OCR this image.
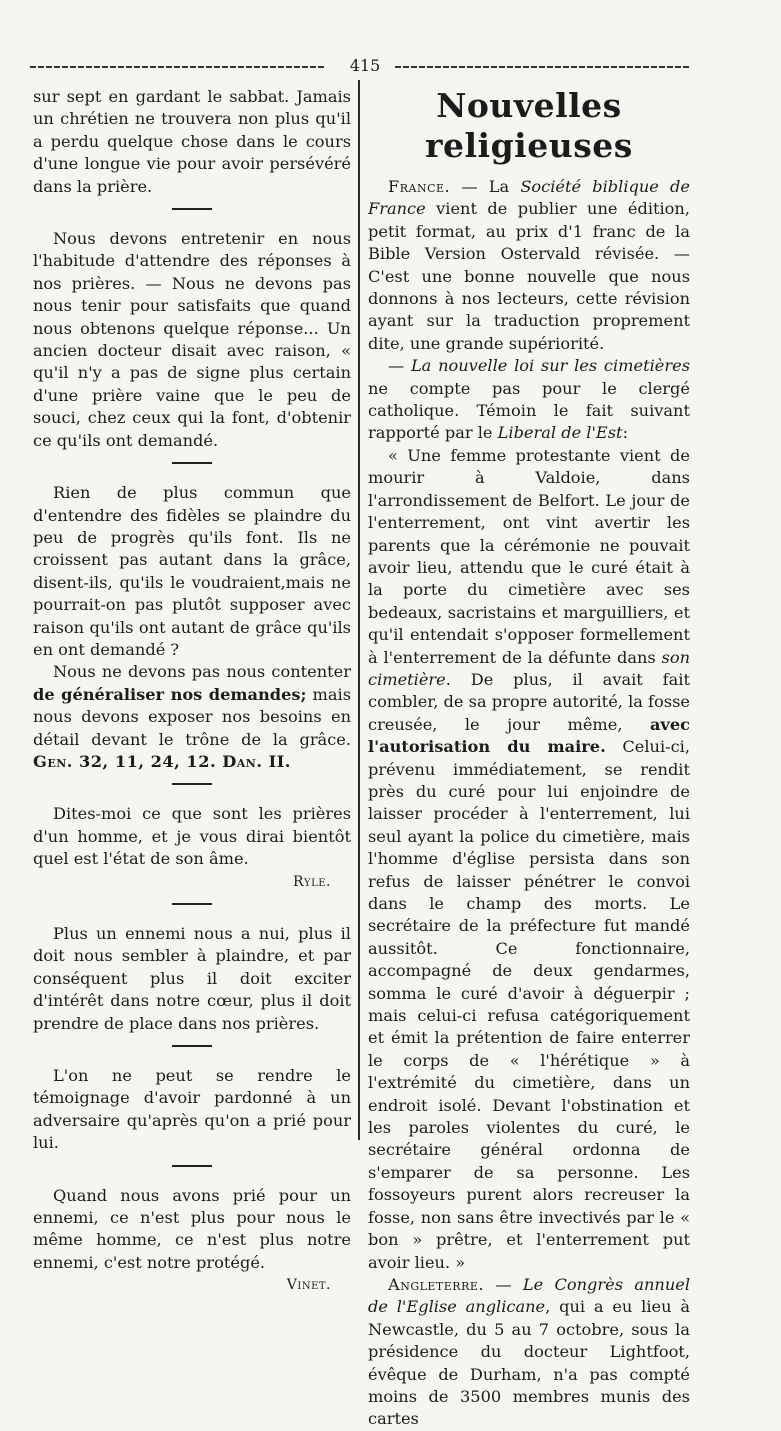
415

sur sept en gardant le sabbat. Jamais un chrétien ne trouvera non plus qu'il a perdu quelque chose dans le cours d'une longue vie pour avoir persévéré dans la prière.

Nous devons entretenir en nous l'habitude d'attendre des réponses à nos prières. — Nous ne devons pas nous tenir pour satisfaits que quand nous obtenons quelque réponse... Un ancien docteur disait avec raison, « qu'il n'y a pas de signe plus certain d'une prière vaine que le peu de souci, chez ceux qui la font, d'obtenir ce qu'ils ont demandé.

Rien de plus commun que d'entendre des fidèles se plaindre du peu de progrès qu'ils font. Ils ne croissent pas autant dans la grâce, disent-ils, qu'ils le voudraient,mais ne pourrait-on pas plutôt supposer avec raison qu'ils ont autant de grâce qu'ils en ont demandé ?

Nous ne devons pas nous contenter de généraliser nos demandes; mais nous devons exposer nos besoins en détail devant le trône de la grâce. Gen. 32, 11, 24, 12. Dan. II.

Dites-moi ce que sont les prières d'un homme, et je vous dirai bientôt quel est l'état de son âme.

Ryle.

Plus un ennemi nous a nui, plus il doit nous sembler à plaindre, et par conséquent plus il doit exciter d'intérêt dans notre cœur, plus il doit prendre de place dans nos prières.

L'on ne peut se rendre le témoignage d'avoir pardonné à un adversaire qu'après qu'on a prié pour lui.

Quand nous avons prié pour un ennemi, ce n'est plus pour nous le même homme, ce n'est plus notre ennemi, c'est notre protégé.

Vinet.
Nouvelles religieuses

France. — La Société biblique de France vient de publier une édition, petit format, au prix d'1 franc de la Bible Version Ostervald révisée. — C'est une bonne nouvelle que nous donnons à nos lecteurs, cette révision ayant sur la traduction proprement dite, une grande supériorité.

— La nouvelle loi sur les cimetières ne compte pas pour le clergé catholique. Témoin le fait suivant rapporté par le Liberal de l'Est:

« Une femme protestante vient de mourir à Valdoie, dans l'arrondissement de Belfort. Le jour de l'enterrement, ont vint avertir les parents que la cérémonie ne pouvait avoir lieu, attendu que le curé était à la porte du cimetière avec ses bedeaux, sacristains et marguilliers, et qu'il entendait s'opposer formellement à l'enterrement de la défunte dans son cimetière. De plus, il avait fait combler, de sa propre autorité, la fosse creusée, le jour même, avec l'autorisation du maire. Celui-ci, prévenu immédiatement, se rendit près du curé pour lui enjoindre de laisser procéder à l'enterrement, lui seul ayant la police du cimetière, mais l'homme d'église persista dans son refus de laisser pénétrer le convoi dans le champ des morts. Le secrétaire de la préfecture fut mandé aussitôt. Ce fonctionnaire, accompagné de deux gendarmes, somma le curé d'avoir à déguerpir ; mais celui-ci refusa catégoriquement et émit la prétention de faire enterrer le corps de « l'hérétique » à l'extrémité du cimetière, dans un endroit isolé. Devant l'obstination et les paroles violentes du curé, le secrétaire général ordonna de s'emparer de sa personne. Les fossoyeurs purent alors recreuser la fosse, non sans être invectivés par le « bon » prêtre, et l'enterrement put avoir lieu. »

Angleterre. — Le Congrès annuel de l'Eglise anglicane, qui a eu lieu à Newcastle, du 5 au 7 octobre, sous la présidence du docteur Lightfoot, évêque de Durham, n'a pas compté moins de 3500 membres munis des cartes
